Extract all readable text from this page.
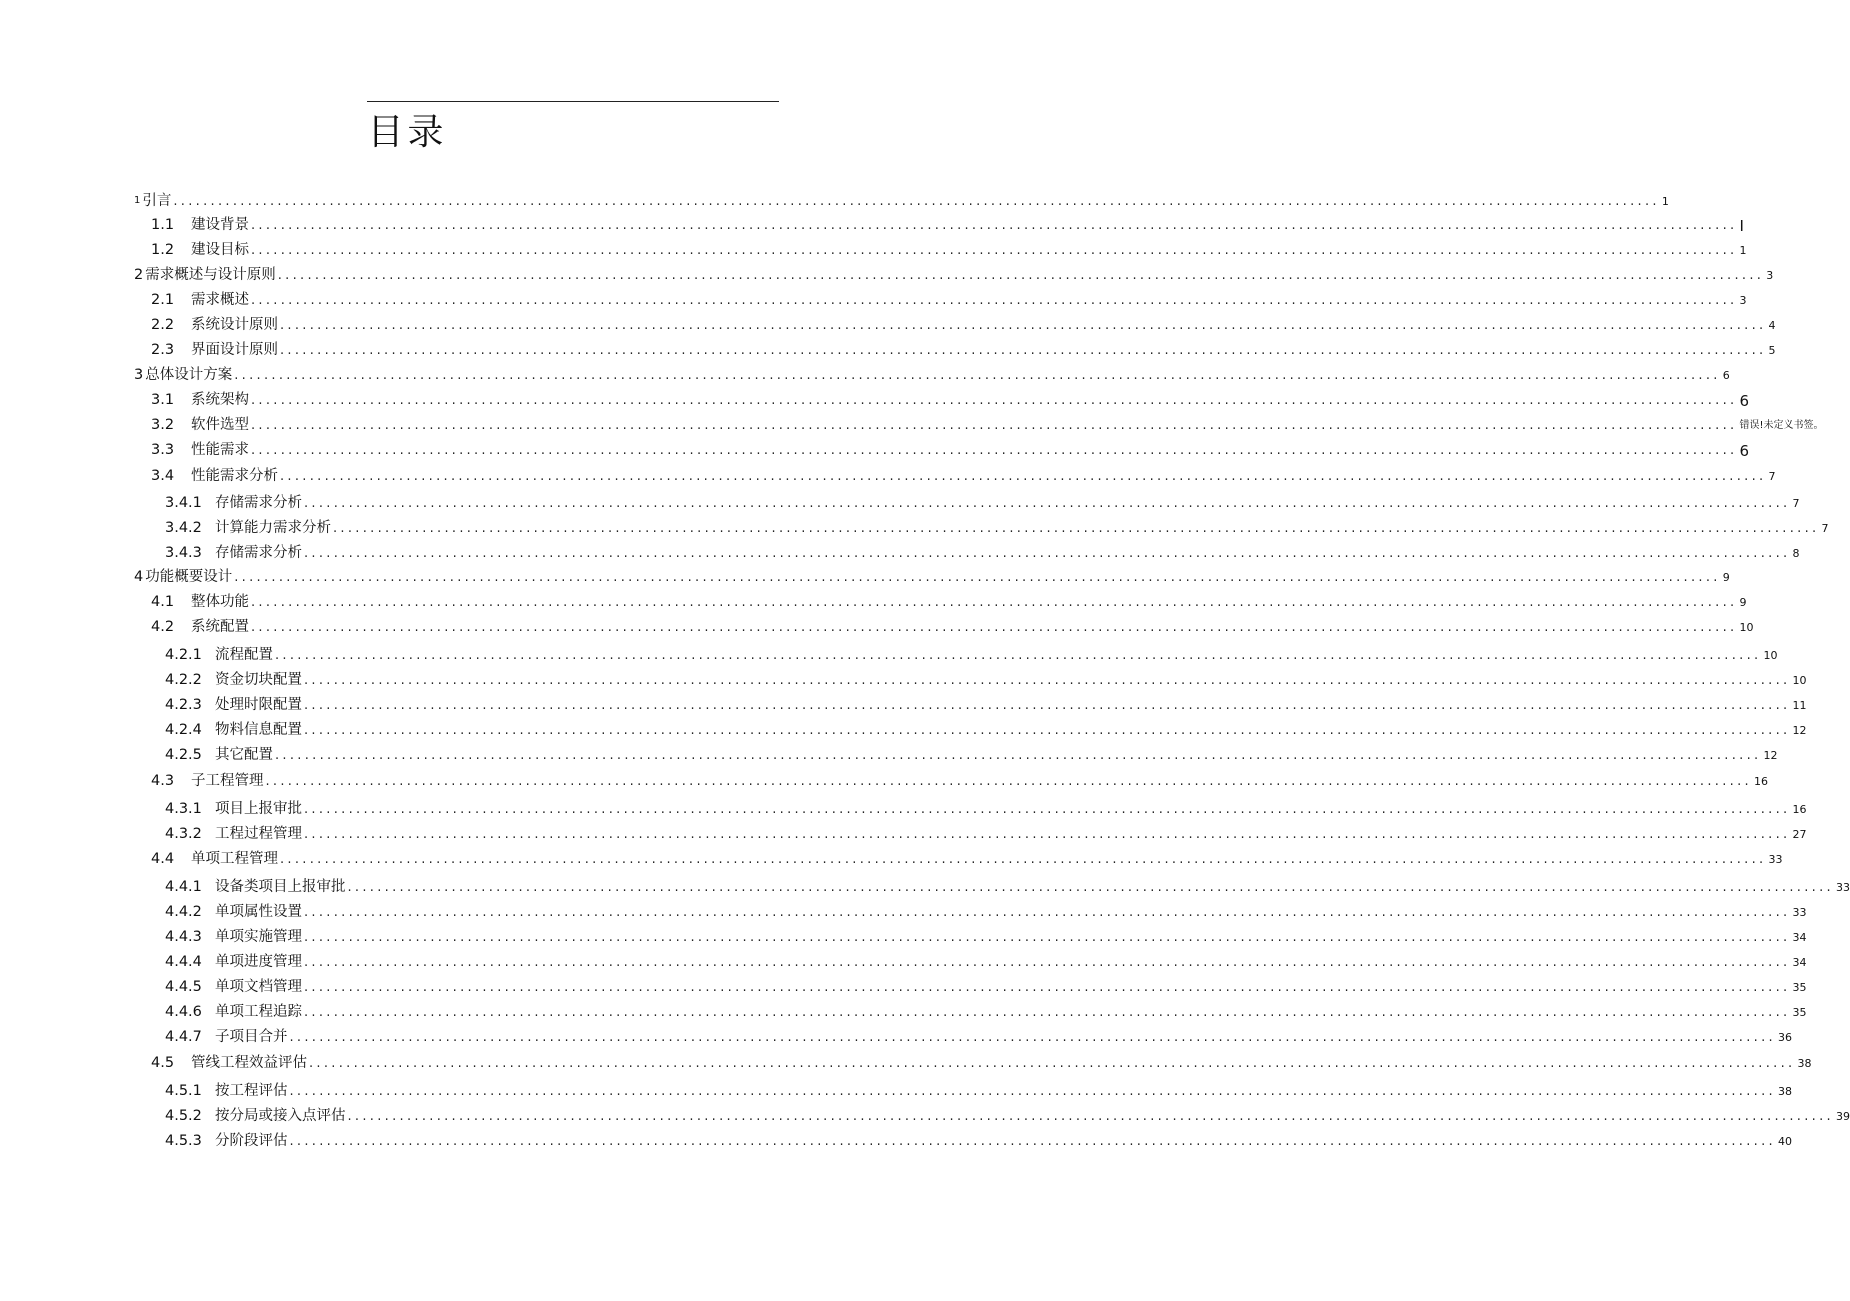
目录
1 引言 ........................................................................................................................................................................................................ 1
1.1	建设背景 ........................................................................................................................................................................................................ I
1.2	建设目标 ........................................................................................................................................................................................................ 1
2 需求概述与设计原则 ........................................................................................................................................................................................................ 3
2.1	需求概述 ........................................................................................................................................................................................................ 3
2.2	系统设计原则 ........................................................................................................................................................................................................ 4
2.3	界面设计原则 ........................................................................................................................................................................................................ 5
3 总体设计方案 ........................................................................................................................................................................................................ 6
3.1	系统架构 ........................................................................................................................................................................................................ 6
3.2	软件选型 ........................................................................................................................................................................................................ 错误!未定义书签。
3.3	性能需求 ........................................................................................................................................................................................................ 6
3.4	性能需求分析 ........................................................................................................................................................................................................ 7
3.4.1 存储需求分析 ........................................................................................................................................................................................................ 7
3.4.2 计算能力需求分析 ........................................................................................................................................................................................................ 7
3.4.3 存储需求分析 ........................................................................................................................................................................................................ 8
4 功能概要设计 ........................................................................................................................................................................................................ 9
4.1	整体功能 ........................................................................................................................................................................................................ 9
4.2	系统配置 ........................................................................................................................................................................................................ 10
4.2.1 流程配置 ........................................................................................................................................................................................................ 10
4.2.2 资金切块配置 ........................................................................................................................................................................................................ 10
4.2.3 处理时限配置 ........................................................................................................................................................................................................ 11
4.2.4 物料信息配置 ........................................................................................................................................................................................................ 12
4.2.5 其它配置 ........................................................................................................................................................................................................ 12
4.3	子工程管理 ........................................................................................................................................................................................................ 16
4.3.1 项目上报审批 ........................................................................................................................................................................................................ 16
4.3.2 工程过程管理 ........................................................................................................................................................................................................ 27
4.4	单项工程管理 ........................................................................................................................................................................................................ 33
4.4.1 设备类项目上报审批 ........................................................................................................................................................................................................ 33
4.4.2 单项属性设置 ........................................................................................................................................................................................................ 33
4.4.3 单项实施管理 ........................................................................................................................................................................................................ 34
4.4.4 单项进度管理 ........................................................................................................................................................................................................ 34
4.4.5 单项文档管理 ........................................................................................................................................................................................................ 35
4.4.6 单项工程追踪 ........................................................................................................................................................................................................ 35
4.4.7 子项目合并 ........................................................................................................................................................................................................ 36
4.5	管线工程效益评估 ........................................................................................................................................................................................................ 38
4.5.1 按工程评估 ........................................................................................................................................................................................................ 38
4.5.2 按分局或接入点评估 ........................................................................................................................................................................................................ 39
4.5.3 分阶段评估 ........................................................................................................................................................................................................ 40
